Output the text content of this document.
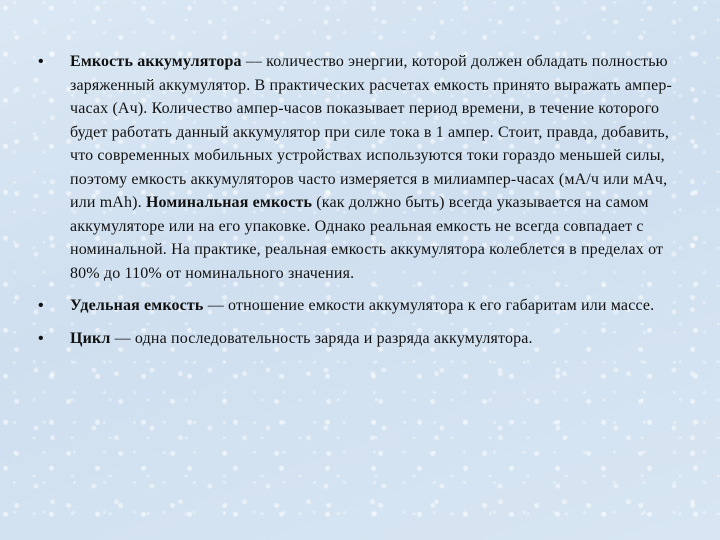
•	Емкость аккумулятора — количество энергии, которой должен обладать полностью заряженный аккумулятор. В практических расчетах емкость принято выражать ампер-часах (Ач). Количество ампер-часов показывает период времени, в течение которого будет работать данный аккумулятор при силе тока в 1 ампер. Стоит, правда, добавить, что современных мобильных устройствах используются токи гораздо меньшей силы, поэтому емкость аккумуляторов часто измеряется в милиампер-часах (мА/ч или мАч, или mAh). Номинальная емкость (как должно быть) всегда указывается на самом аккумуляторе или на его упаковке. Однако реальная емкость не всегда совпадает с номинальной. На практике, реальная емкость аккумулятора колеблется в пределах от 80% до 110% от номинального значения.
•	Удельная емкость — отношение емкости аккумулятора к его габаритам или массе.
•	Цикл — одна последовательность заряда и разряда аккумулятора.
